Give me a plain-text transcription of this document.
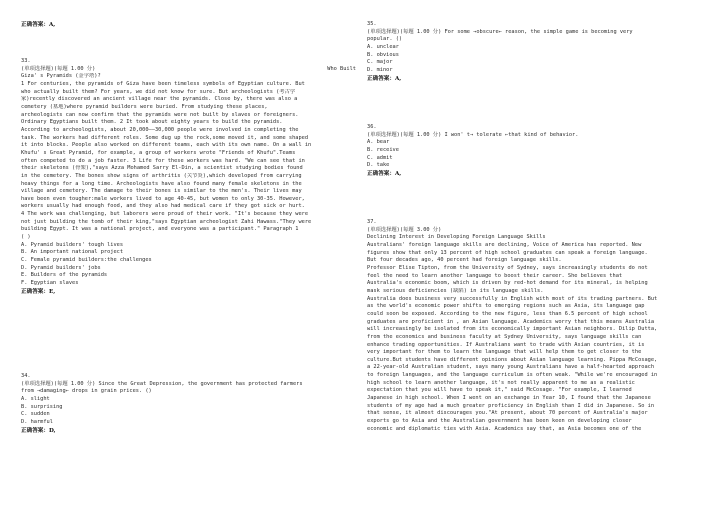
正确答案：A,
33.
(单项选择题)(每题 1.00 分)	Who Built
Giza' s Pyramids (金字塔)?
1 For centuries, the pyramids of Giza have been timeless symbols of Egyptian culture. But
who actually built them? For years, we did not know for sure. But archeologists (考古学
家)recently discovered an ancient village near the pyramids. Close by, there was also a
cemetery (墓地)where pyramid builders were buried. From studying these places,
archeologists can now confirm that the pyramids were not built by slaves or foreigners.
Ordinary Egyptians built them. 2 It took about eighty years to build the pyramids.
According to archeologists, about 20,000——30,000 people were involved in completing the
task. The workers had different roles. Some dug up the rock,some moved it, and some shaped
it into blocks. People also worked on different teams, each with its own name. On a wall in
Khufu' s Great Pyramid, for example, a group of workers wrote "Friends of Khufu".Teams
often competed to do a job faster. 3 Life for these workers was hard. "We can see that in
their skeletons (骨架),"says Azza Mohamed Sarry El-Din, a scientist studying bodies found
in the cemetery. The bones show signs of arthritis (关节炎),which developed from carrying
heavy things for a long time. Archeologists have also found many female skeletons in the
village and cemetery. The damage to their bones is similar to the men's. Their lives may
have been even tougher:male workers lived to age 40-45, but women to only 30-35. However,
workers usually had enough food, and they also had medical care if they got sick or hurt.
4 The work was challenging, but laborers were proud of their work. "It's because they were
not just building the tomb of their king,"says Egyptian archeologist Zahi Hawass."They were
building Egypt. It was a national project, and everyone was a participant." Paragraph 1
( )
A. Pyramid builders' tough lives
B. An important national project
C. Female pyramid builders:the challenges
D. Pyramid builders' jobs
E. Builders of the pyramids
F. Egyptian slaves
正确答案：E,
34.
(单项选择题)(每题 1.00 分) Since the Great Depression, the government has protected farmers
from →damaging← drops in grain prices. ()
A. slight
B. surprising
C. sudden
D. harmful
正确答案：D,
35.
(单项选择题)(每题 1.00 分) For some →obscure← reason, the simple game is becoming very
popular. ()
A. unclear
B. obvious
C. major
D. minor
正确答案：A,
36.
(单项选择题)(每题 1.00 分) I won' t→ tolerate ←that kind of behavior.
A. bear
B. receive
C. admit
D. take
正确答案：A,
37.
(单项选择题)(每题 3.00 分)
Declining Interest in Developing Foreign Language Skills
Australians' foreign language skills are declining, Voice of America has reported. New
figures show that only 13 percent of high school graduates can speak a foreign language.
But four decades ago, 40 percent had foreign language skills.
Professor Elise Tipton, from the University of Sydney, says increasingly students do not
feel the need to learn another language to boost their career. She believes that
Australia's economic boom, which is driven by red-hot demand for its mineral, is helping
mask serious deficiencies (缺陷) in its language skills.
Australia does business very successfully in English with most of its trading partners. But
as the world's economic power shifts to emerging regions such as Asia, its language gap
could soon be exposed. According to the new figure, less than 6.5 percent of high school
graduates are proficient in , an Asian language. Academics worry that this means Australia
will increasingly be isolated from its economically important Asian neighbors. Dilip Dutta,
from the economics and business faculty at Sydney University, says language skills can
enhance trading opportunities. If Australians want to trade with Asian countries, it is
very important for them to learn the language that will help them to get closer to the
culture.But students have different opinions about Asian language learning. Pippa McCosage,
a 22-year-old Australian student, says many young Australians have a half-hearted approach
to foreign languages, and the language curriculum is often weak. "While we're encouraged in
high school to learn another language, it's not really apparent to me as a realistic
expectation that you will have to speak it," said McCosage. "For example, I learned
Japanese in high school. When I went on an exchange in Year 10, I found that the Japanese
students of my age had a much greater proficiency in English than I did in Japanese. So in
that sense, it almost discourages you."At present, about 70 percent of Australia's major
exports go to Asia and the Australian government has been keen on developing closer
economic and diplomatic ties with Asia. Academics say that, as Asia becomes one of the
